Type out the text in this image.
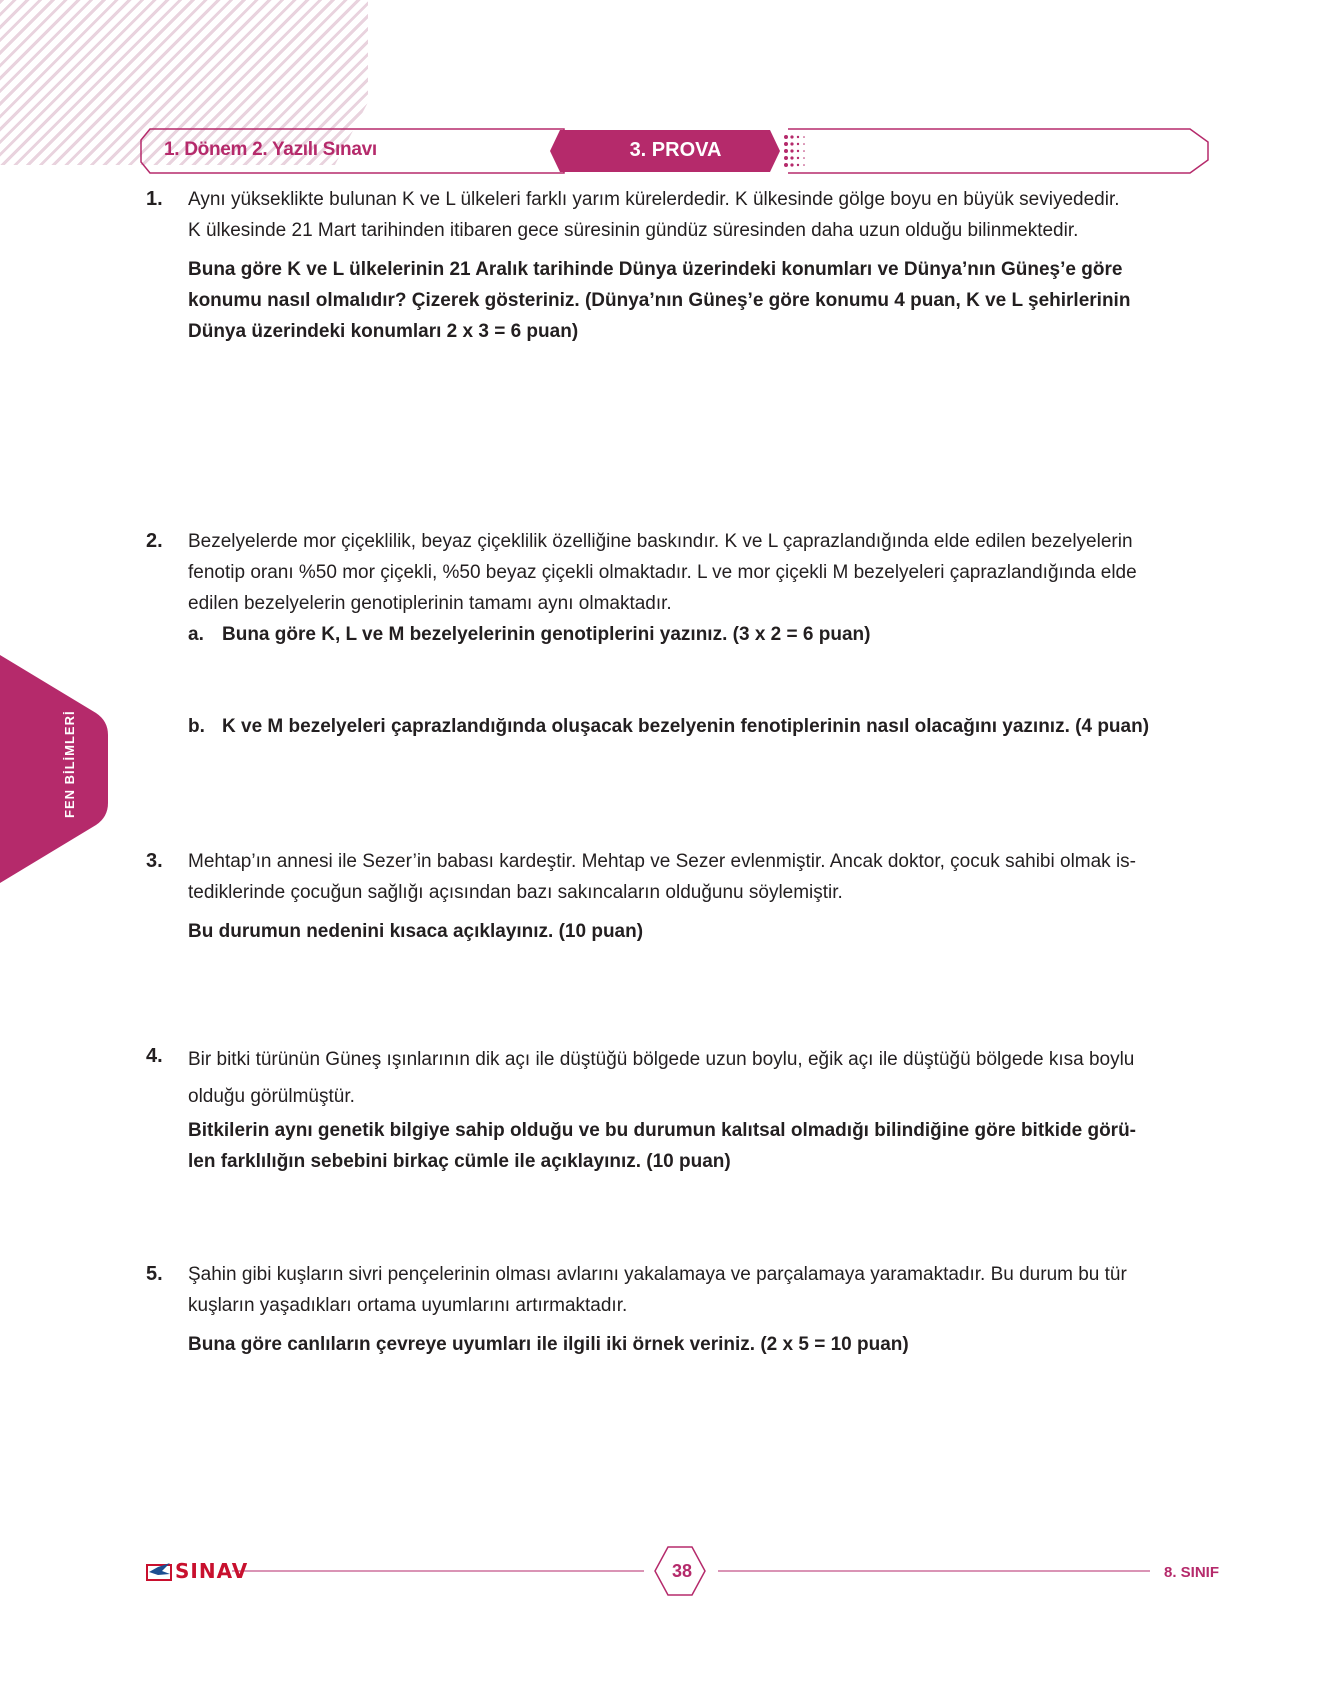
1. Dönem 2. Yazılı Sınavı	3. PROVA
FEN BİLİMLERİ
1. Aynı yükseklikte bulunan K ve L ülkeleri farklı yarım kürelerdedir. K ülkesinde gölge boyu en büyük seviyededir.

K ülkesinde 21 Mart tarihinden itibaren gece süresinin gündüz süresinden daha uzun olduğu bilinmektedir.

Buna göre K ve L ülkelerinin 21 Aralık tarihinde Dünya üzerindeki konumları ve Dünya’nın Güneş’e göre

konumu nasıl olmalıdır? Çizerek gösteriniz. (Dünya’nın Güneş’e göre konumu 4 puan, K ve L şehirlerinin

Dünya üzerindeki konumları 2 x 3 = 6 puan)

2. Bezelyelerde mor çiçeklilik, beyaz çiçeklilik özelliğine baskındır. K ve L çaprazlandığında elde edilen bezelyelerin

fenotip oranı %50 mor çiçekli, %50 beyaz çiçekli olmaktadır. L ve mor çiçekli M bezelyeleri çaprazlandığında elde

edilen bezelyelerin genotiplerinin tamamı aynı olmaktadır.

a. Buna göre K, L ve M bezelyelerinin genotiplerini yazınız. (3 x 2 = 6 puan)
b. K ve M bezelyeleri çaprazlandığında oluşacak bezelyenin fenotiplerinin nasıl olacağını yazınız. (4 puan)
3. Mehtap’ın annesi ile Sezer’in babası kardeştir. Mehtap ve Sezer evlenmiştir. Ancak doktor, çocuk sahibi olmak is-

tediklerinde çocuğun sağlığı açısından bazı sakıncaların olduğunu söylemiştir.

Bu durumun nedenini kısaca açıklayınız. (10 puan)

4. Bir bitki türünün Güneş ışınlarının dik açı ile düştüğü bölgede uzun boylu, eğik açı ile düştüğü bölgede kısa boylu

olduğu görülmüştür.

Bitkilerin aynı genetik bilgiye sahip olduğu ve bu durumun kalıtsal olmadığı bilindiğine göre bitkide görü-

len farklılığın sebebini birkaç cümle ile açıklayınız. (10 puan)

5. Şahin gibi kuşların sivri pençelerinin olması avlarını yakalamaya ve parçalamaya yaramaktadır. Bu durum bu tür

kuşların yaşadıkları ortama uyumlarını artırmaktadır.

Buna göre canlıların çevreye uyumları ile ilgili iki örnek veriniz. (2 x 5 = 10 puan)

SINAV	38	8. SINIF
